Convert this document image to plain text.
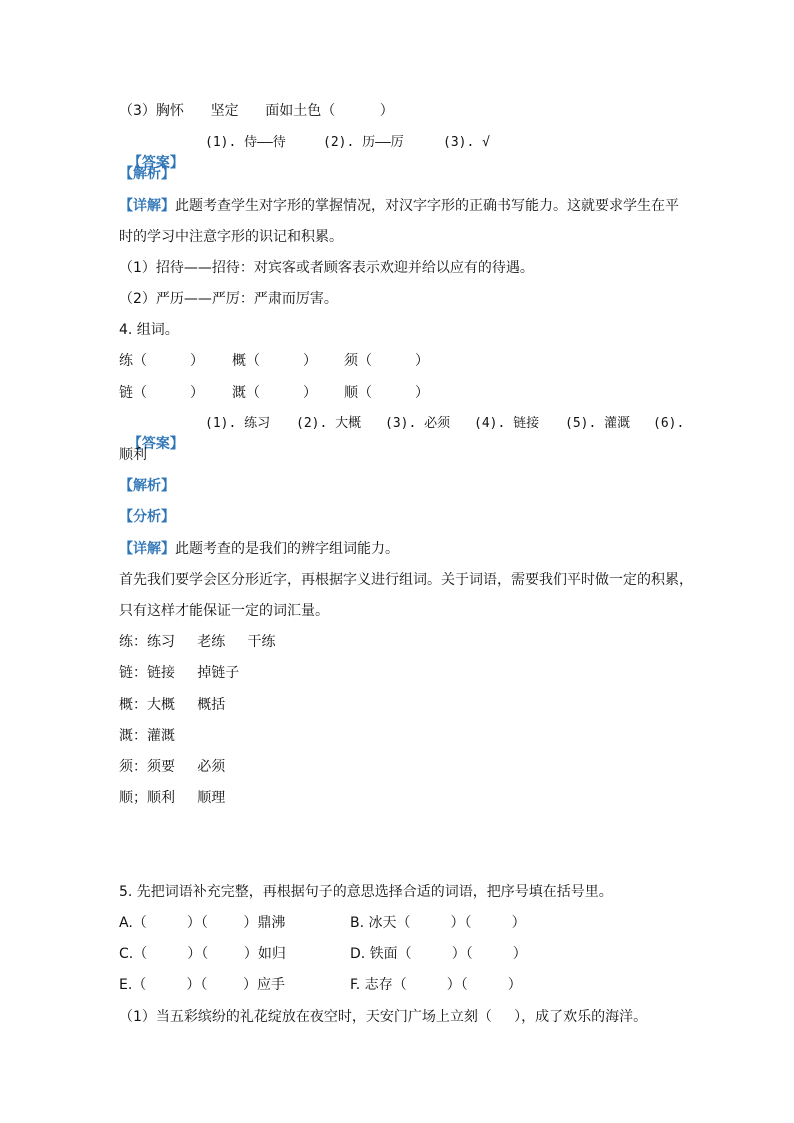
（3）胸怀      坚定      面如土色（          ）

【答案】

(1). 侍——待	(2). 历——厉	(3). √
【解析】
【详解】此题考查学生对字形的掌握情况，对汉字字形的正确书写能力。这就要求学生在平
时的学习中注意字形的识记和积累。
（1）招待——招待：对宾客或者顾客表示欢迎并给以应有的待遇。
（2）严历——严厉：严肃而厉害。
4. 组词。
练（	） 概（	） 须（	）
链（	） 溉（	） 顺（	）

【答案】

(1). 练习 (2). 大概 (3). 必须 (4). 链接 (5). 灌溉 (6).
顺利
【解析】
【分析】
【详解】此题考查的是我们的辨字组词能力。
首先我们要学会区分形近字，再根据字义进行组词。关于词语，需要我们平时做一定的积累，
只有这样才能保证一定的词汇量。
练：练习     老练     干练
链：链接     掉链子
概：大概     概括
溉：灌溉
须：须要     必须
顺；顺利     顺理
5. 先把词语补充完整，再根据句子的意思选择合适的词语，把序号填在括号里。
A.（         ）（        ）鼎沸	B. 冰天（         ）（         ）
C.（         ）（        ）如归	D. 铁面（         ）（         ）
E.（         ）（        ）应手	F. 志存（         ）（         ）
（1）当五彩缤纷的礼花绽放在夜空时，天安门广场上立刻（     ），成了欢乐的海洋。
